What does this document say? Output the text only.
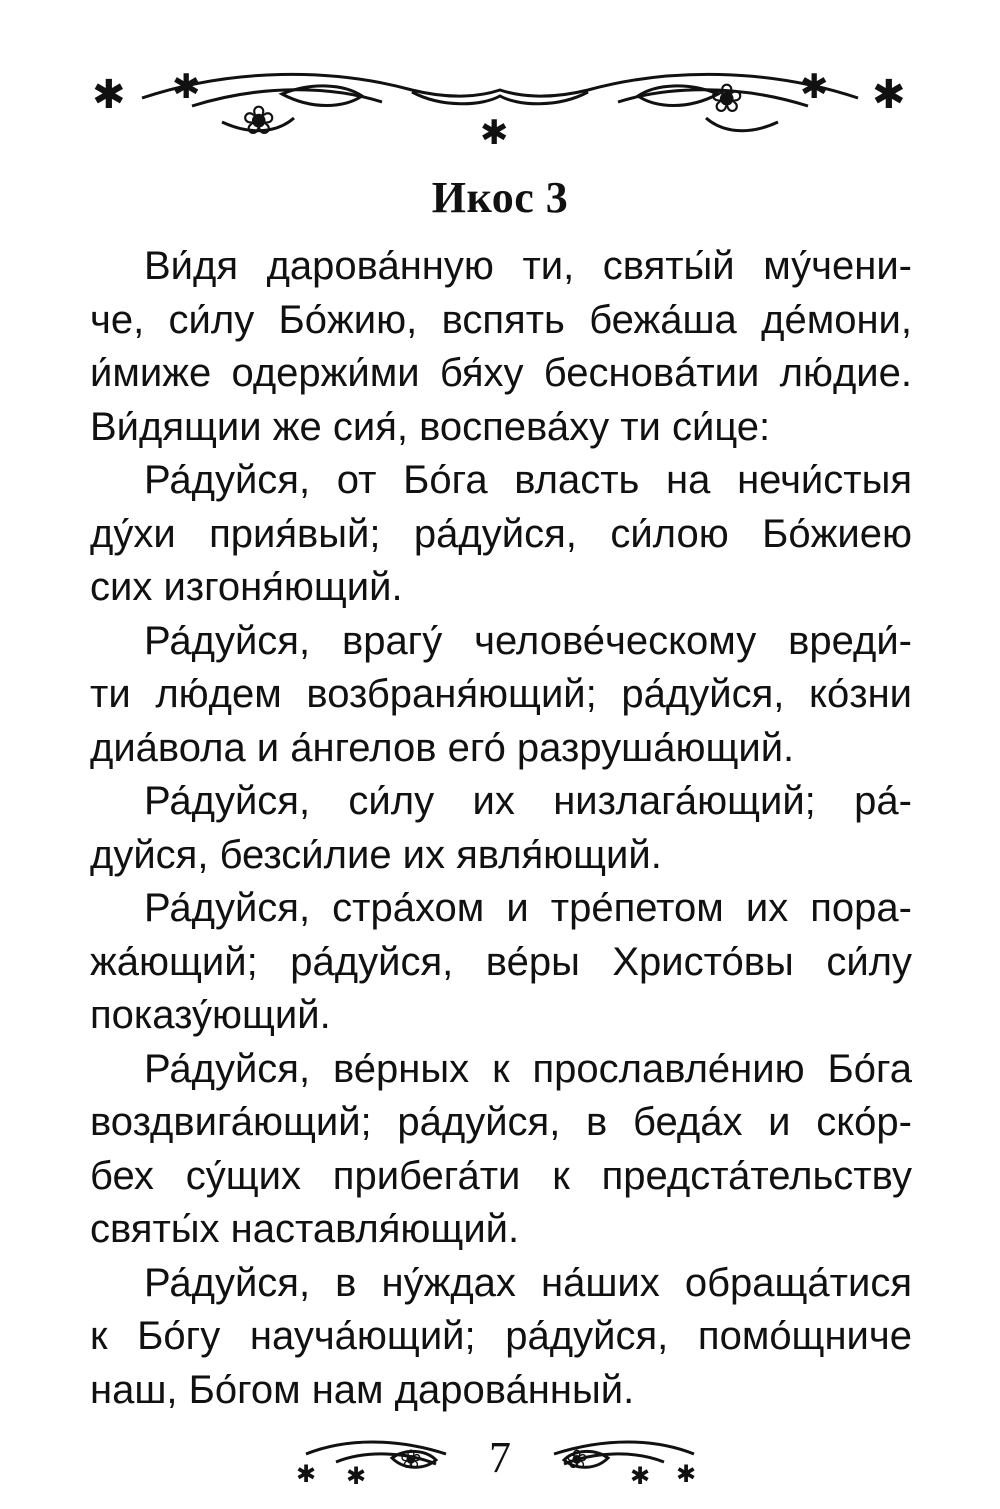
✱ ✱
❀	✱
❀ ✱ ✱
Икос 3
Ви́дя дарова́нную ти, святы́й му́чени-
че, си́лу Бо́жию, вспять бежа́ша де́мони,
и́миже одержи́ми бя́ху бесновáтии лю́дие.
Ви́дящии же сия́, воспева́ху ти си́це:
Ра́дуйся, от Бо́га власть на нечи́стыя
ду́хи прия́вый; ра́дуйся, си́лою Бо́жиею
сих изгоня́ющий.
Ра́дуйся, врагу́ челове́ческому вреди́-
ти лю́дем возбраня́ющий; ра́дуйся, ко́зни
диа́вола и а́нгелов его́ разруша́ющий.
Ра́дуйся, си́лу их низлага́ющий; ра́-
дуйся, безси́лие их явля́ющий.
Ра́дуйся, стра́хом и тре́петом их пора-
жа́ющий; ра́дуйся, ве́ры Христо́вы си́лу
показу́ющий.
Ра́дуйся, ве́рных к прославле́нию Бо́га
воздвига́ющий; ра́дуйся, в беда́х и ско́р-
бех су́щих прибега́ти к предста́тельству
святы́х наставля́ющий.
Ра́дуйся, в ну́ждах на́ших обраща́тися
к Бо́гу науча́ющий; ра́дуйся, помо́щниче
наш, Бо́гом нам дарова́нный.
✱ ✱
❀	7	✱
✱
❀
